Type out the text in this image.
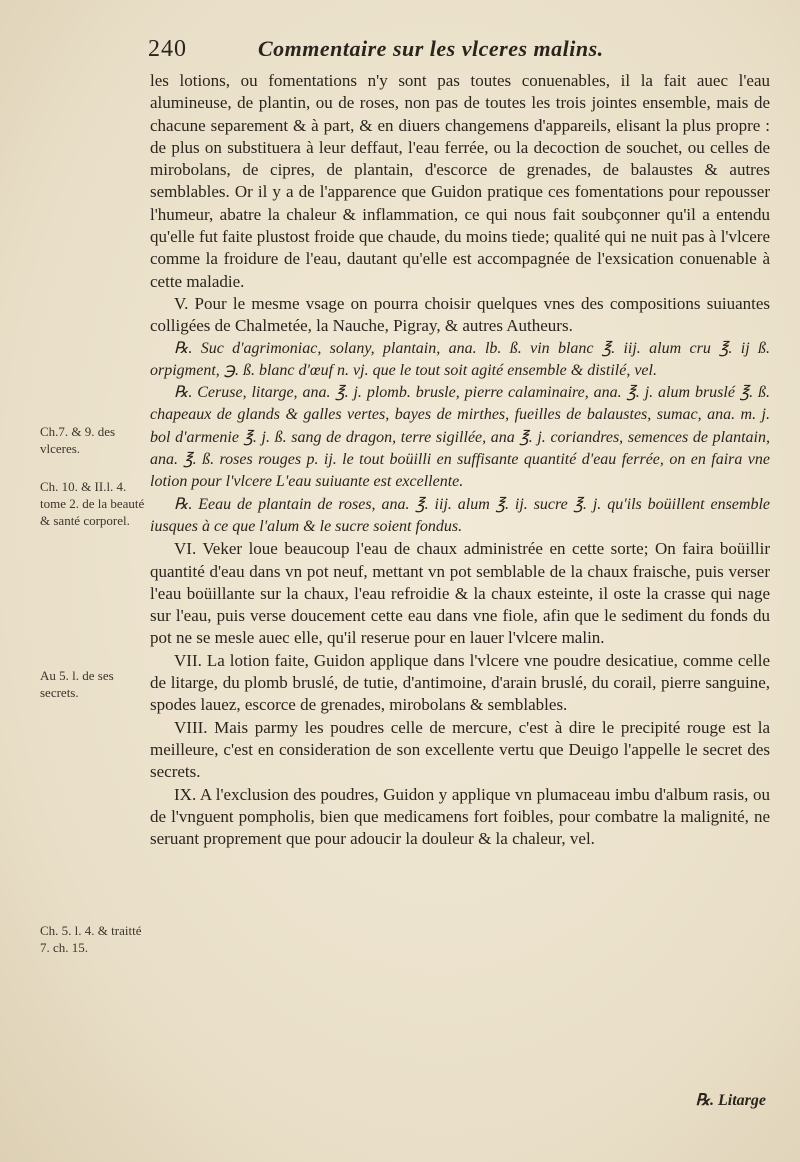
240	Commentaire sur les vlceres malins.
Ch.7. & 9. des vlceres.
Ch. 10. & II.l. 4. tome 2. de la beauté & santé corporel.
Au 5. l. de ses secrets.
Ch. 5. l. 4. & traitté 7. ch. 15.

les lotions, ou fomentations n'y sont pas toutes conuenables, il la fait auec l'eau alumineuse, de plantin, ou de roses, non pas de toutes les trois jointes ensemble, mais de chacune separement & à part, & en diuers changemens d'appareils, elisant la plus propre : de plus on substituera à leur deffaut, l'eau ferrée, ou la decoction de souchet, ou celles de mirobolans, de cipres, de plantain, d'escorce de grenades, de balaustes & autres semblables. Or il y a de l'apparence que Guidon pratique ces fomentations pour repousser l'humeur, abatre la chaleur & inflammation, ce qui nous fait soubçonner qu'il a entendu qu'elle fut faite plustost froide que chaude, du moins tiede; qualité qui ne nuit pas à l'vlcere comme la froidure de l'eau, dautant qu'elle est accompagnée de l'exsication conuenable à cette maladie.

V. Pour le mesme vsage on pourra choisir quelques vnes des compositions suiuantes colligées de Chalmetée, la Nauche, Pigray, & autres Autheurs.

℞. Suc d'agrimoniac, solany, plantain, ana. lb. ß. vin blanc ℥. iij. alum cru ℥. ij ß. orpigment, ℈. ß. blanc d'œuf n. vj. que le tout soit agité ensemble & distilé, vel.

℞. Ceruse, litarge, ana. ℥. j. plomb. brusle, pierre calaminaire, ana. ℥. j. alum bruslé ℥. ß. chapeaux de glands & galles vertes, bayes de mirthes, fueilles de balaustes, sumac, ana. m. j. bol d'armenie ℥. j. ß. sang de dragon, terre sigillée, ana ℥. j. coriandres, semences de plantain, ana. ℥. ß. roses rouges p. ij. le tout boüilli en suffisante quantité d'eau ferrée, on en faira vne lotion pour l'vlcere L'eau suiuante est excellente.

℞. Eeau de plantain de roses, ana. ℥. iij. alum ℥. ij. sucre ℥. j. qu'ils boüillent ensemble iusques à ce que l'alum & le sucre soient fondus.

VI. Veker loue beaucoup l'eau de chaux administrée en cette sorte; On faira boüillir quantité d'eau dans vn pot neuf, mettant vn pot semblable de la chaux fraische, puis verser l'eau boüillante sur la chaux, l'eau refroidie & la chaux esteinte, il oste la crasse qui nage sur l'eau, puis verse doucement cette eau dans vne fiole, afin que le sediment du fonds du pot ne se mesle auec elle, qu'il reserue pour en lauer l'vlcere malin.

VII. La lotion faite, Guidon applique dans l'vlcere vne poudre desicatiue, comme celle de litarge, du plomb bruslé, de tutie, d'antimoine, d'arain bruslé, du corail, pierre sanguine, spodes lauez, escorce de grenades, mirobolans & semblables.

VIII. Mais parmy les poudres celle de mercure, c'est à dire le precipité rouge est la meilleure, c'est en consideration de son excellente vertu que Deuigo l'appelle le secret des secrets.

IX. A l'exclusion des poudres, Guidon y applique vn plumaceau imbu d'album rasis, ou de l'vnguent pompholis, bien que medicamens fort foibles, pour combatre la malignité, ne seruant proprement que pour adoucir la douleur & la chaleur, vel.

℞. Litarge
